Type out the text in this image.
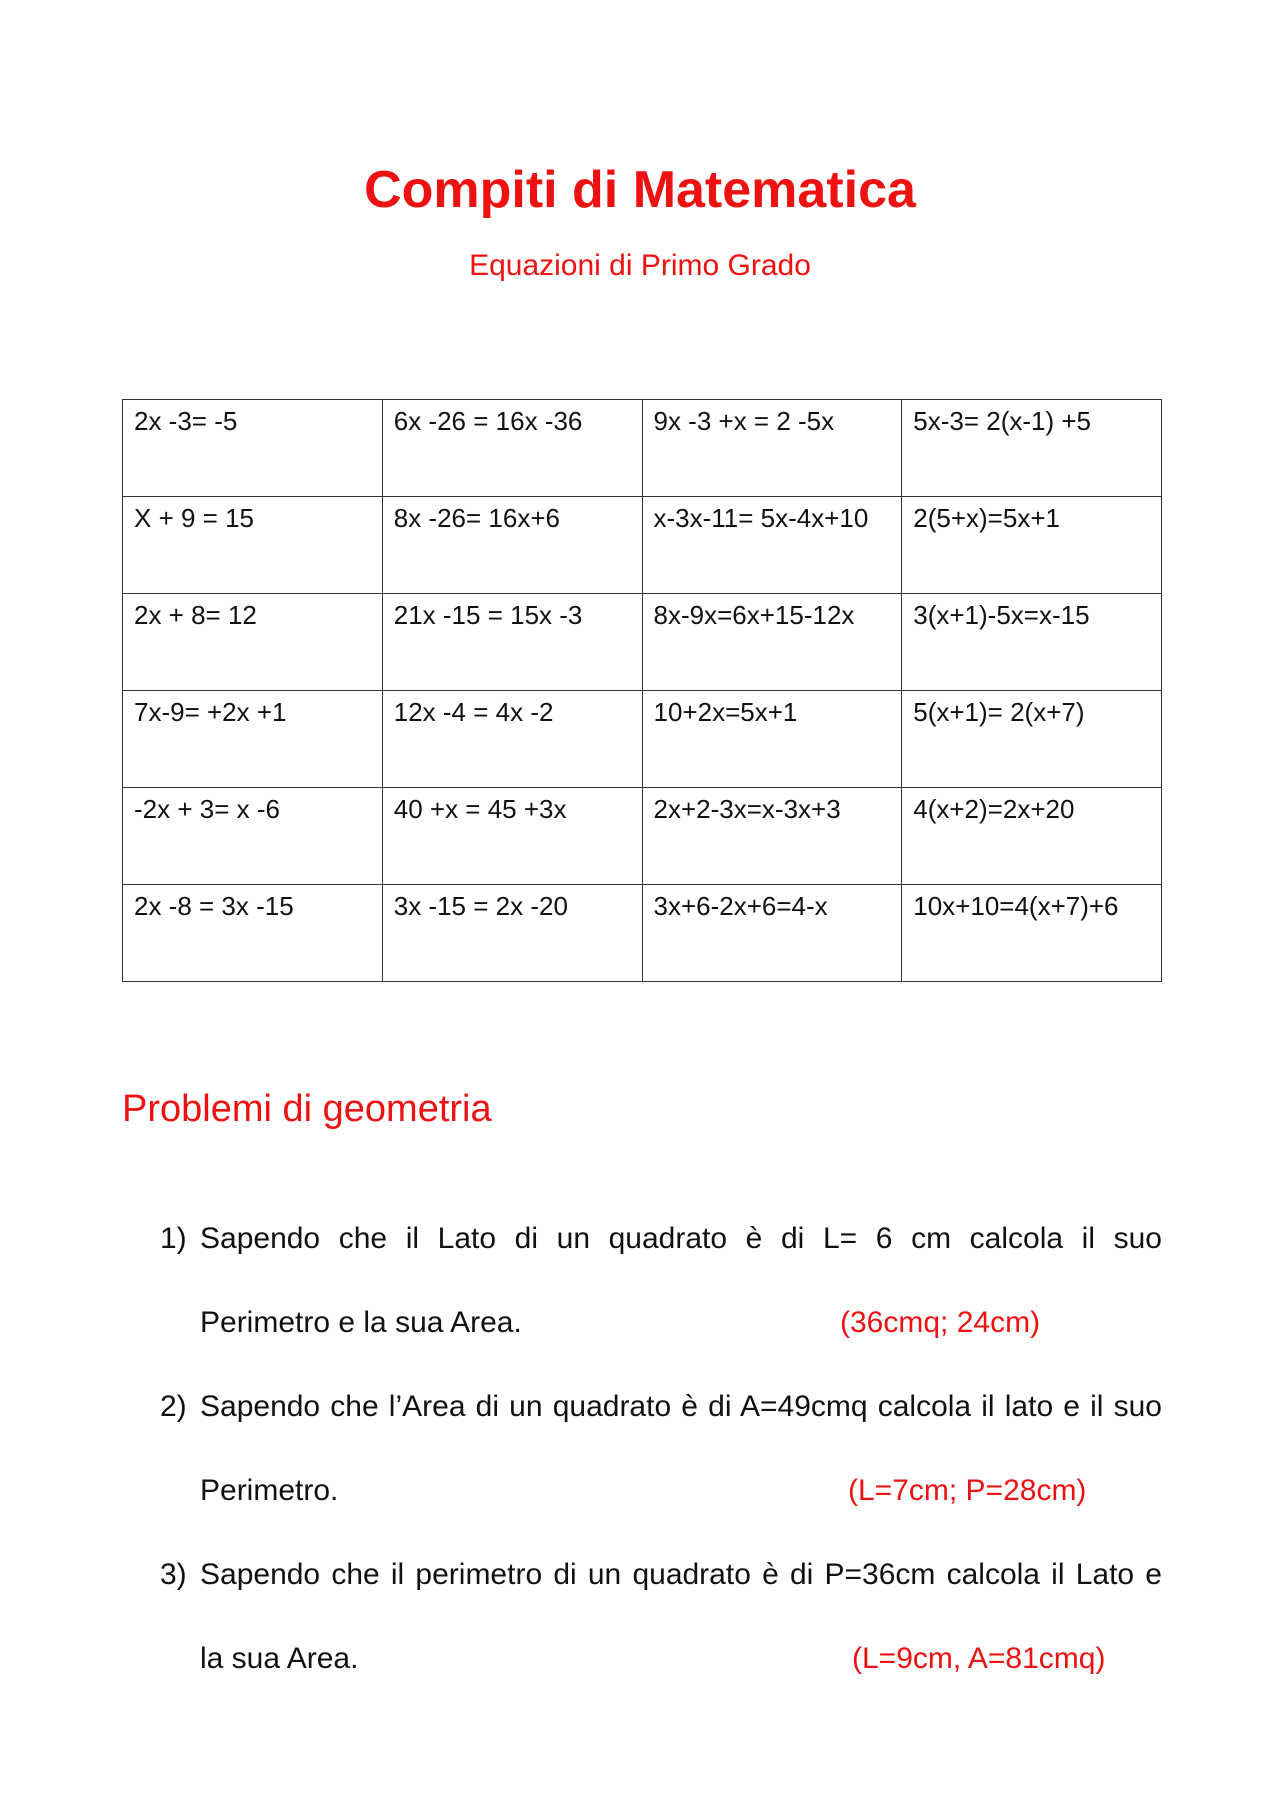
Compiti di Matematica
Equazioni di Primo Grado
2x -3= -5	6x -26 = 16x -36	9x -3 +x = 2 -5x	5x-3= 2(x-1) +5
X + 9 = 15	8x -26= 16x+6	x-3x-11= 5x-4x+10	2(5+x)=5x+1
2x + 8= 12	21x -15 = 15x -3	8x-9x=6x+15-12x	3(x+1)-5x=x-15
7x-9= +2x +1	12x -4 = 4x -2	10+2x=5x+1	5(x+1)= 2(x+7)
-2x + 3= x -6	40 +x = 45 +3x	2x+2-3x=x-3x+3	4(x+2)=2x+20
2x -8 = 3x -15	3x -15 = 2x -20	3x+6-2x+6=4-x	10x+10=4(x+7)+6
Problemi di geometria
1) Sapendo che il Lato di un quadrato è di L= 6 cm calcola il suo
Perimetro e la sua Area.	(36cmq; 24cm)
2) Sapendo che l’Area di un quadrato è di A=49cmq calcola il lato e il suo
Perimetro.	(L=7cm; P=28cm)
3) Sapendo che il perimetro di un quadrato è di P=36cm calcola il Lato e
la sua Area.	(L=9cm, A=81cmq)
